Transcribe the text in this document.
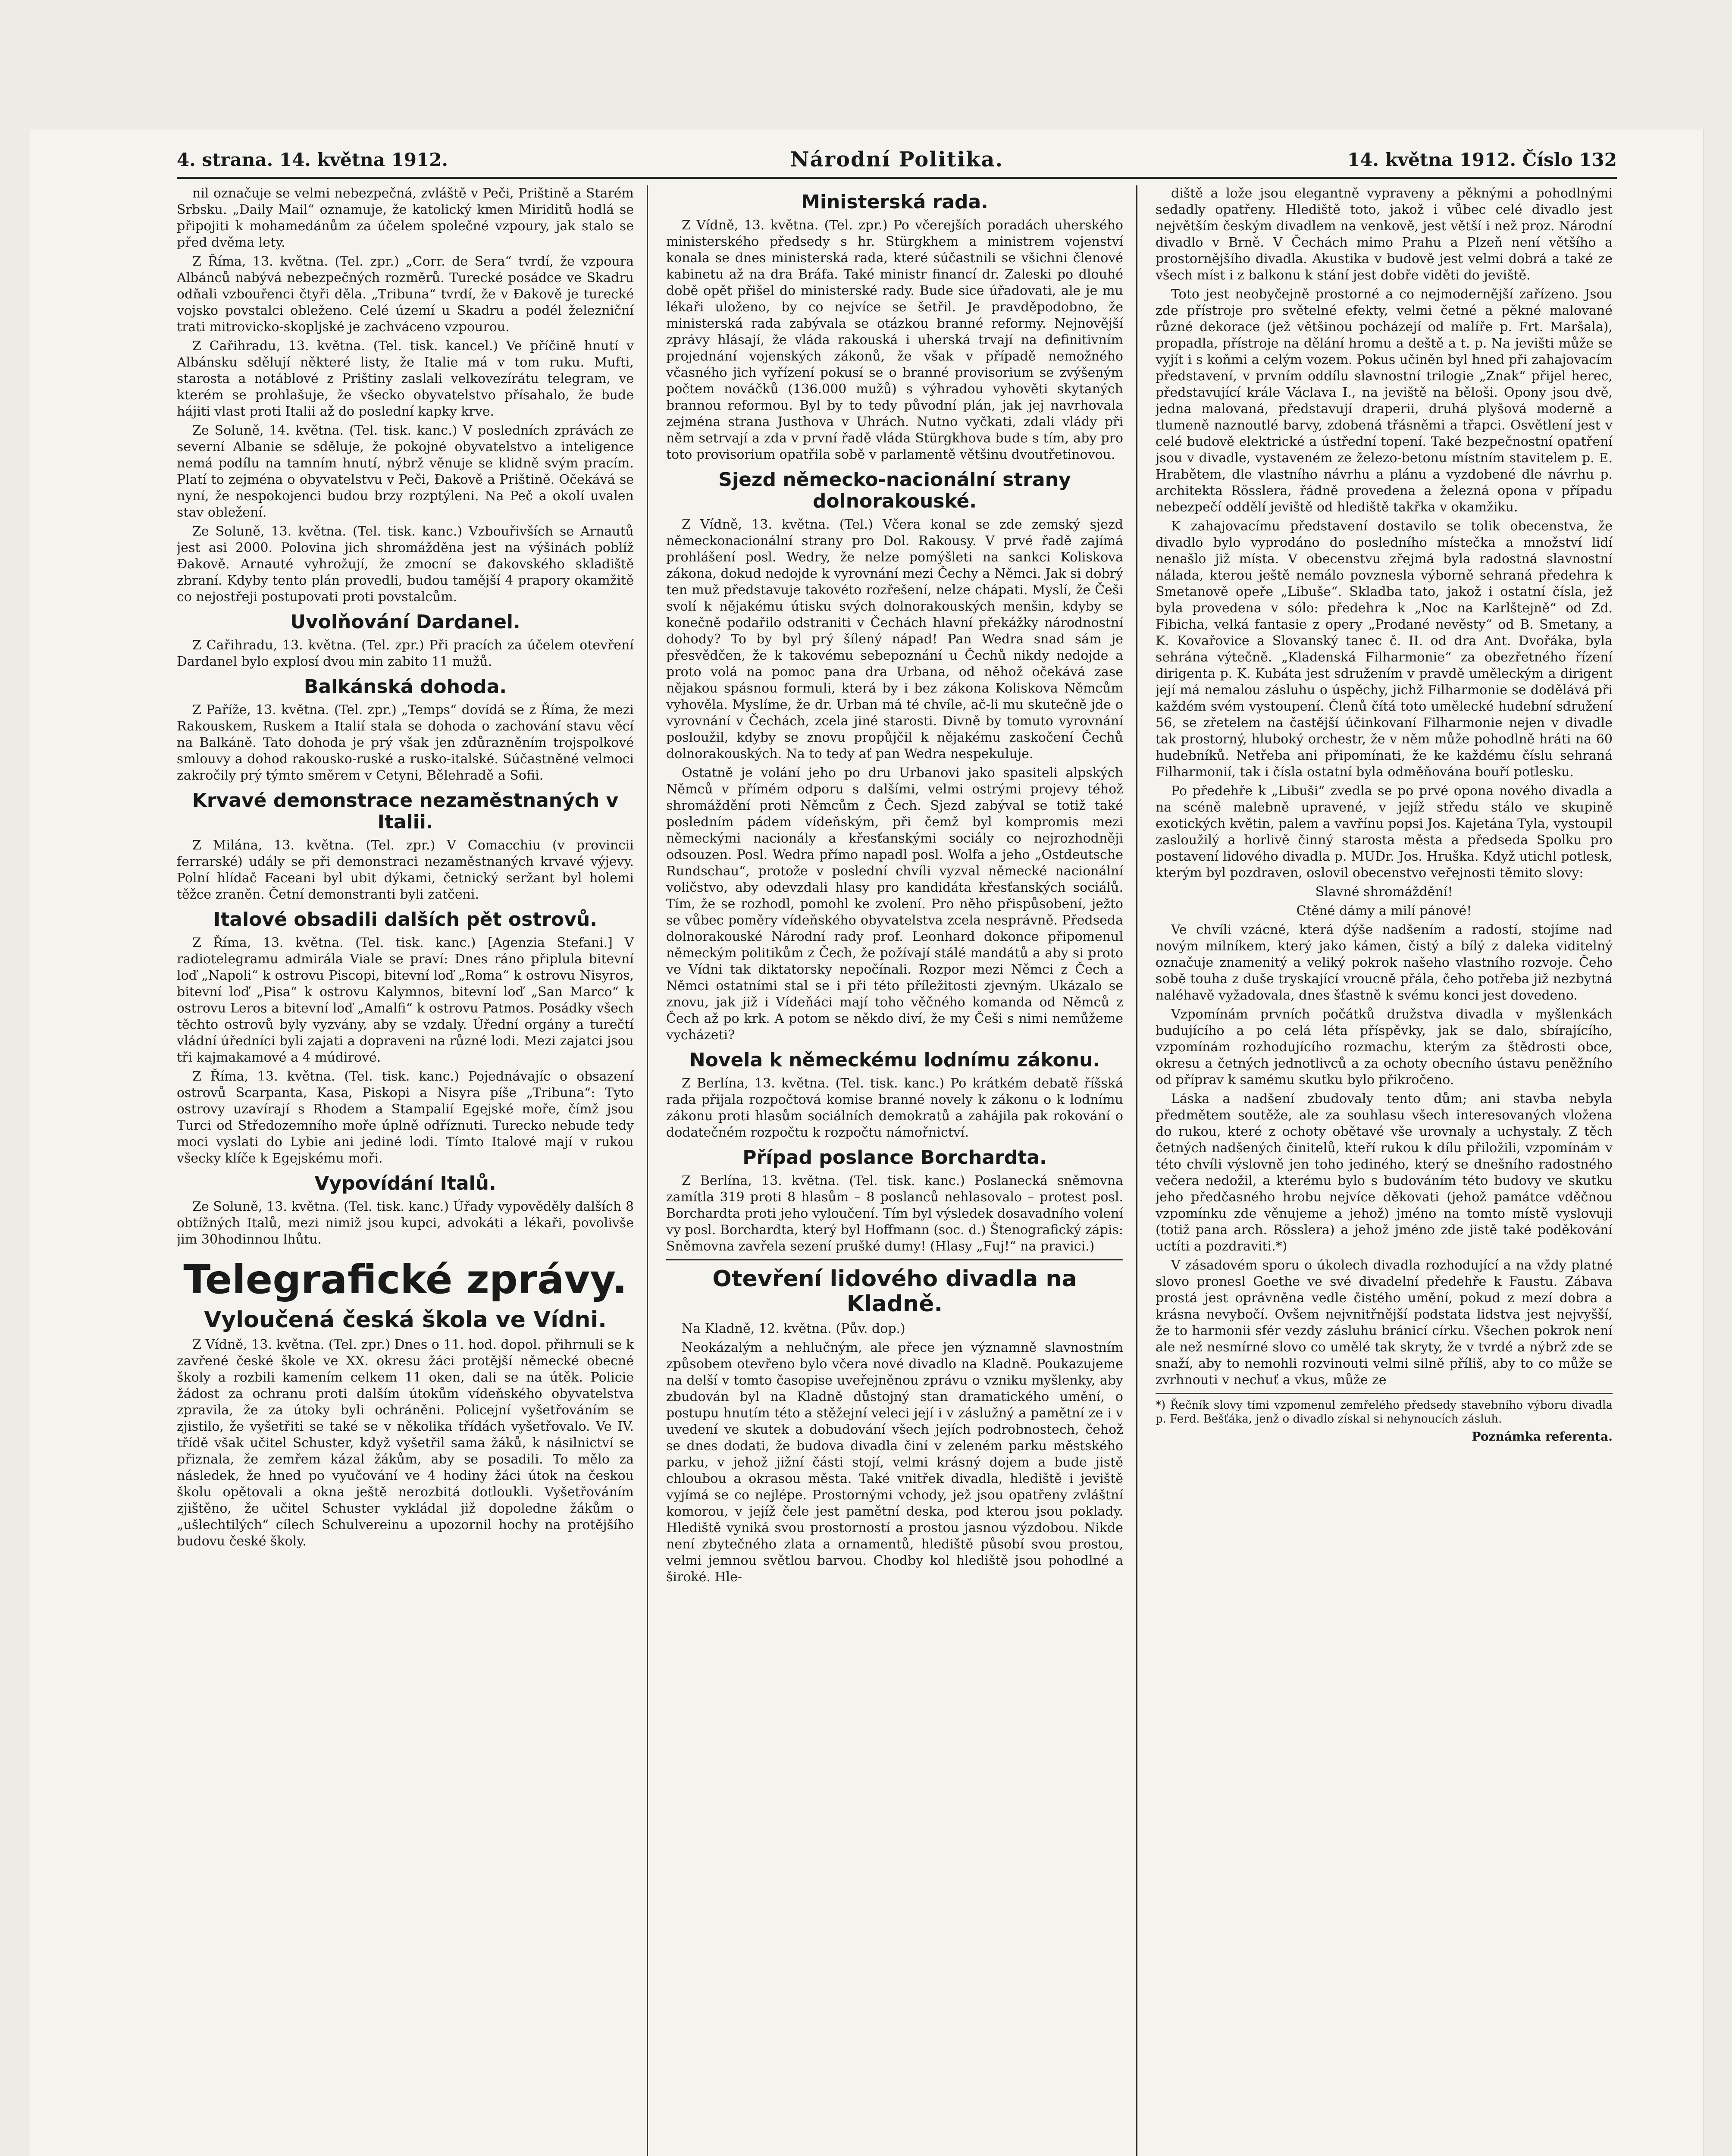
4. strana. 14. května 1912.	Národní Politika.	14. května 1912. Číslo 132

nil označuje se velmi nebezpečná, zvláště v Peči, Prištině a Starém Srbsku. „Daily Mail“ oznamuje, že katolický kmen Miriditů hodlá se připojiti k mohamedánům za účelem společné vzpoury, jak stalo se před dvěma lety.

Z Říma, 13. května. (Tel. zpr.) „Corr. de Sera“ tvrdí, že vzpoura Albánců nabývá nebezpečných rozměrů. Turecké posádce ve Skadru odňali vzbouřenci čtyři děla. „Tribuna“ tvrdí, že v Đakově je turecké vojsko povstalci obleženo. Celé území u Skadru a podél železniční trati mitrovicko-skopljské je zachváceno vzpourou.

Z Cařihradu, 13. května. (Tel. tisk. kancel.) Ve příčině hnutí v Albánsku sdělují některé listy, že Italie má v tom ruku. Mufti, starosta a notáblové z Prištiny zaslali velkovezírátu telegram, ve kterém se prohlašuje, že všecko obyvatelstvo přísahalo, že bude hájiti vlast proti Italii až do poslední kapky krve.

Ze Soluně, 14. května. (Tel. tisk. kanc.) V posledních zprávách ze severní Albanie se sděluje, že pokojné obyvatelstvo a inteligence nemá podílu na tamním hnutí, nýbrž věnuje se klidně svým pracím. Platí to zejména o obyvatelstvu v Peči, Đakově a Prištině. Očekává se nyní, že nespokojenci budou brzy rozptýleni. Na Peč a okolí uvalen stav obležení.

Ze Soluně, 13. května. (Tel. tisk. kanc.) Vzbouřivších se Arnautů jest asi 2000. Polovina jich shromážděna jest na výšinách poblíž Đakově. Arnauté vyhrožují, že zmocní se đakovského skladiště zbraní. Kdyby tento plán provedli, budou tamější 4 prapory okamžitě co nejostřeji postupovati proti povstalcům.

Uvolňování Dardanel.

Z Cařihradu, 13. května. (Tel. zpr.) Při pracích za účelem otevření Dardanel bylo explosí dvou min zabito 11 mužů.

Balkánská dohoda.

Z Paříže, 13. května. (Tel. zpr.) „Temps“ dovídá se z Říma, že mezi Rakouskem, Ruskem a Italií stala se dohoda o zachování stavu věcí na Balkáně. Tato dohoda je prý však jen zdůrazněním trojspolkové smlouvy a dohod rakousko-ruské a rusko-italské. Súčastněné velmoci zakročily prý týmto směrem v Cetyni, Bělehradě a Sofii.

Krvavé demonstrace nezaměstnaných v Italii.

Z Milána, 13. května. (Tel. zpr.) V Comacchiu (v provincii ferrarské) udály se při demonstraci nezaměstnaných krvavé výjevy. Polní hlídač Faceani byl ubit dýkami, četnický seržant byl holemi těžce zraněn. Četní demonstranti byli zatčeni.

Italové obsadili dalších pět ostrovů.

Z Říma, 13. května. (Tel. tisk. kanc.) [Agenzia Stefani.] V radiotelegramu admirála Viale se praví: Dnes ráno připlula bitevní loď „Napoli“ k ostrovu Piscopi, bitevní loď „Roma“ k ostrovu Nisyros, bitevní loď „Pisa“ k ostrovu Kalymnos, bitevní loď „San Marco“ k ostrovu Leros a bitevní loď „Amalfi“ k ostrovu Patmos. Posádky všech těchto ostrovů byly vyzvány, aby se vzdaly. Úřední orgány a turečtí vládní úředníci byli zajati a dopraveni na různé lodi. Mezi zajatci jsou tři kajmakamové a 4 múdirové.

Z Říma, 13. května. (Tel. tisk. kanc.) Pojednávajíc o obsazení ostrovů Scarpanta, Kasa, Piskopi a Nisyra píše „Tribuna“: Tyto ostrovy uzavírají s Rhodem a Stampalií Egejské moře, čímž jsou Turci od Středozemního moře úplně odříznuti. Turecko nebude tedy moci vyslati do Lybie ani jediné lodi. Tímto Italové mají v rukou všecky klíče k Egejskému moři.

Vypovídání Italů.

Ze Soluně, 13. května. (Tel. tisk. kanc.) Úřady vypověděly dalších 8 obtížných Italů, mezi nimiž jsou kupci, advokáti a lékaři, povolivše jim 30hodinnou lhůtu.

Telegrafické zprávy.
Vyloučená česká škola ve Vídni.

Z Vídně, 13. května. (Tel. zpr.) Dnes o 11. hod. dopol. přihrnuli se k zavřené české škole ve XX. okresu žáci protější německé obecné školy a rozbili kamením celkem 11 oken, dali se na útěk. Policie žádost za ochranu proti dalším útokům vídeňského obyvatelstva zpravila, že za útoky byli ochráněni. Policejní vyšetřováním se zjistilo, že vyšetřiti se také se v několika třídách vyšetřovalo. Ve IV. třídě však učitel Schuster, když vyšetřil sama žáků, k násilnictví se přiznala, že zemřem kázal žákům, aby se posadili. To mělo za následek, že hned po vyučování ve 4 hodiny žáci útok na českou školu opětovali a okna ještě nerozbitá dotloukli. Vyšetřováním zjištěno, že učitel Schuster vykládal již dopoledne žákům o „ušlechtilých“ cílech Schulvereinu a upozornil hochy na protějšího budovu české školy.

Ministerská rada.

Z Vídně, 13. května. (Tel. zpr.) Po včerejších poradách uherského ministerského předsedy s hr. Stürgkhem a ministrem vojenství konala se dnes ministerská rada, které súčastnili se všichni členové kabinetu až na dra Bráfa. Také ministr financí dr. Zaleski po dlouhé době opět přišel do ministerské rady. Bude sice úřadovati, ale je mu lékaři uloženo, by co nejvíce se šetřil. Je pravděpodobno, že ministerská rada zabývala se otázkou branné reformy. Nejnovější zprávy hlásají, že vláda rakouská i uherská trvají na definitivním projednání vojenských zákonů, že však v případě nemožného včasného jich vyřízení pokusí se o branné provisorium se zvýšeným počtem nováčků (136.000 mužů) s výhradou vyhověti skytaných brannou reformou. Byl by to tedy původní plán, jak jej navrhovala zejména strana Justhova v Uhrách. Nutno vyčkati, zdali vlády při něm setrvají a zda v první řadě vláda Stürgkhova bude s tím, aby pro toto provisorium opatřila sobě v parlamentě většinu dvoutřetinovou.

Sjezd německo-nacionální strany dolnorakouské.

Z Vídně, 13. května. (Tel.) Včera konal se zde zemský sjezd německonacionální strany pro Dol. Rakousy. V prvé řadě zajímá prohlášení posl. Wedry, že nelze pomýšleti na sankci Koliskova zákona, dokud nedojde k vyrovnání mezi Čechy a Němci. Jak si dobrý ten muž představuje takovéto rozřešení, nelze chápati. Myslí, že Češi svolí k nějakému útisku svých dolnorakouských menšin, kdyby se konečně podařilo odstraniti v Čechách hlavní překážky národnostní dohody? To by byl prý šílený nápad! Pan Wedra snad sám je přesvědčen, že k takovému sebepoznání u Čechů nikdy nedojde a proto volá na pomoc pana dra Urbana, od něhož očekává zase nějakou spásnou formuli, která by i bez zákona Koliskova Němcům vyhověla. Myslíme, že dr. Urban má té chvíle, ač-li mu skutečně jde o vyrovnání v Čechách, zcela jiné starosti. Divně by tomuto vyrovnání posloužil, kdyby se znovu propůjčil k nějakému zaskočení Čechů dolnorakouských. Na to tedy ať pan Wedra nespekuluje.

Ostatně je volání jeho po dru Urbanovi jako spasiteli alpských Němců v přímém odporu s dalšími, velmi ostrými projevy téhož shromáždění proti Němcům z Čech. Sjezd zabýval se totiž také posledním pádem vídeňským, při čemž byl kompromis mezi německými nacionály a křesťanskými sociály co nejrozhodněji odsouzen. Posl. Wedra přímo napadl posl. Wolfa a jeho „Ostdeutsche Rundschau“, protože v poslední chvíli vyzval německé nacionální voličstvo, aby odevzdali hlasy pro kandidáta křesťanských sociálů. Tím, že se rozhodl, pomohl ke zvolení. Pro něho přispůsobení, ježto se vůbec poměry vídeňského obyvatelstva zcela nesprávně. Předseda dolnorakouské Národní rady prof. Leonhard dokonce připomenul německým politikům z Čech, že požívají stálé mandátů a aby si proto ve Vídni tak diktatorsky nepočínali. Rozpor mezi Němci z Čech a Němci ostatními stal se i při této příležitosti zjevným. Ukázalo se znovu, jak již i Vídeňáci mají toho věčného komanda od Němců z Čech až po krk. A potom se někdo diví, že my Češi s nimi nemůžeme vycházeti?

Novela k německému lodnímu zákonu.

Z Berlína, 13. května. (Tel. tisk. kanc.) Po krátkém debatě říšská rada přijala rozpočtová komise branné novely k zákonu o k lodnímu zákonu proti hlasům sociálních demokratů a zahájila pak rokování o dodatečném rozpočtu k rozpočtu námořnictví.

Případ poslance Borchardta.

Z Berlína, 13. května. (Tel. tisk. kanc.) Poslanecká sněmovna zamítla 319 proti 8 hlasům – 8 poslanců nehlasovalo – protest posl. Borchardta proti jeho vyloučení. Tím byl výsledek dosavadního volení vy posl. Borchardta, který byl Hoffmann (soc. d.) Štenografický zápis: Sněmovna zavřela sezení prušké dumy! (Hlasy „Fuj!“ na pravici.)

Otevření lidového divadla na Kladně.

Na Kladně, 12. května. (Pův. dop.)

Neokázalým a nehlučným, ale přece jen významně slavnostním způsobem otevřeno bylo včera nové divadlo na Kladně. Poukazujeme na delší v tomto časopise uveřejněnou zprávu o vzniku myšlenky, aby zbudován byl na Kladně důstojný stan dramatického umění, o postupu hnutím této a stěžejní veleci její i v záslužný a pamětní ze i v uvedení ve skutek a dobudování všech jejích podrobnostech, čehož se dnes dodati, že budova divadla činí v zeleném parku městského parku, v jehož jižní části stojí, velmi krásný dojem a bude jistě chloubou a okrasou města. Také vnitřek divadla, hlediště i jeviště vyjímá se co nejlépe. Prostornými vchody, jež jsou opatřeny zvláštní komorou, v jejíž čele jest pamětní deska, pod kterou jsou poklady. Hlediště vyniká svou prostorností a prostou jasnou výzdobou. Nikde není zbytečného zlata a ornamentů, hlediště působí svou prostou, velmi jemnou světlou barvou. Chodby kol hlediště jsou pohodlné a široké. Hle-

diště a lože jsou elegantně vypraveny a pěknými a pohodlnými sedadly opatřeny. Hlediště toto, jakož i vůbec celé divadlo jest největším českým divadlem na venkově, jest větší i než proz. Národní divadlo v Brně. V Čechách mimo Prahu a Plzeň není většího a prostornějšího divadla. Akustika v budově jest velmi dobrá a také ze všech míst i z balkonu k stání jest dobře viděti do jeviště.

Toto jest neobyčejně prostorné a co nejmodernější zařízeno. Jsou zde přístroje pro světelné efekty, velmi četné a pěkné malované různé dekorace (jež většinou pocházejí od malíře p. Frt. Maršala), propadla, přístroje na dělání hromu a deště a t. p. Na jevišti může se vyjít i s koňmi a celým vozem. Pokus učiněn byl hned při zahajovacím představení, v prvním oddílu slavnostní trilogie „Znak“ přijel herec, představující krále Václava I., na jeviště na běloši. Opony jsou dvě, jedna malovaná, představují draperii, druhá plyšová moderně a tlumeně naznoutlé barvy, zdobená třásněmi a třapci. Osvětlení jest v celé budově elektrické a ústřední topení. Také bezpečnostní opatření jsou v divadle, vystaveném ze železo-betonu místním stavitelem p. E. Hrabětem, dle vlastního návrhu a plánu a vyzdobené dle návrhu p. architekta Rösslera, řádně provedena a železná opona v případu nebezpečí oddělí jeviště od hlediště takřka v okamžiku.

K zahajovacímu představení dostavilo se tolik obecenstva, že divadlo bylo vyprodáno do posledního místečka a množství lidí nenašlo již místa. V obecenstvu zřejmá byla radostná slavnostní nálada, kterou ještě nemálo povznesla výborně sehraná předehra k Smetanově opeře „Libuše“. Skladba tato, jakož i ostatní čísla, jež byla provedena v sólo: předehra k „Noc na Karlštejně“ od Zd. Fibicha, velká fantasie z opery „Prodané nevěsty“ od B. Smetany, a K. Kovařovice a Slovanský tanec č. II. od dra Ant. Dvořáka, byla sehrána výtečně. „Kladenská Filharmonie“ za obezřetného řízení dirigenta p. K. Kubáta jest sdružením v pravdě uměleckým a dirigent její má nemalou zásluhu o úspěchy, jichž Filharmonie se dodělává při každém svém vystoupení. Členů čítá toto umělecké hudební sdružení 56, se zřetelem na častější účinkovaní Filharmonie nejen v divadle tak prostorný, hluboký orchestr, že v něm může pohodlně hráti na 60 hudebníků. Netřeba ani připomínati, že ke každému číslu sehraná Filharmonií, tak i čísla ostatní byla odměňována bouří potlesku.

Po předehře k „Libuši“ zvedla se po prvé opona nového divadla a na scéně malebně upravené, v jejíž středu stálo ve skupině exotických květin, palem a vavřínu popsi Jos. Kajetána Tyla, vystoupil zasloužilý a horlivě činný starosta města a předseda Spolku pro postavení lidového divadla p. MUDr. Jos. Hruška. Když utichl potlesk, kterým byl pozdraven, oslovil obecenstvo veřejnosti těmito slovy:

Slavné shromáždění!

Ctěné dámy a milí pánové!

Ve chvíli vzácné, která dýše nadšením a radostí, stojíme nad novým milníkem, který jako kámen, čistý a bílý z daleka viditelný označuje znamenitý a veliký pokrok našeho vlastního rozvoje. Čeho sobě touha z duše tryskající vroucně přála, čeho potřeba již nezbytná naléhavě vyžadovala, dnes šťastně k svému konci jest dovedeno.

Vzpomínám prvních počátků družstva divadla v myšlenkách budujícího a po celá léta příspěvky, jak se dalo, sbírajícího, vzpomínám rozhodujícího rozmachu, kterým za štědrosti obce, okresu a četných jednotlivců a za ochoty obecního ústavu peněžního od příprav k samému skutku bylo přikročeno.

Láska a nadšení zbudovaly tento dům; ani stavba nebyla předmětem soutěže, ale za souhlasu všech interesovaných vložena do rukou, které z ochoty obětavé vše urovnaly a uchystaly. Z těch četných nadšených činitelů, kteří rukou k dílu přiložili, vzpomínám v této chvíli výslovně jen toho jediného, který se dnešního radostného večera nedožil, a kterému bylo s budováním této budovy ve skutku jeho předčasného hrobu nejvíce děkovati (jehož památce vděčnou vzpomínku zde věnujeme a jehož) jméno na tomto místě vyslovuji (totiž pana arch. Rösslera) a jehož jméno zde jistě také poděkování uctíti a pozdraviti.*)

V zásadovém sporu o úkolech divadla rozhodující a na vždy platné slovo pronesl Goethe ve své divadelní předehře k Faustu. Zábava prostá jest oprávněna vedle čistého umění, pokud z mezí dobra a krásna nevybočí. Ovšem nejvnitřnější podstata lidstva jest nejvyšší, že to harmonii sfér vezdy zásluhu bránicí círku. Všechen pokrok není ale než nesmírné slovo co umělé tak skryty, že v tvrdé a nýbrž zde se snaží, aby to nemohli rozvinouti velmi silně příliš, aby to co může se zvrhnouti v nechuť a vkus, může ze

*) Řečník slovy tími vzpomenul zemřelého předsedy stavebního výboru divadla p. Ferd. Bešťáka, jenž o divadlo získal si nehynoucích zásluh.

Poznámka referenta.
